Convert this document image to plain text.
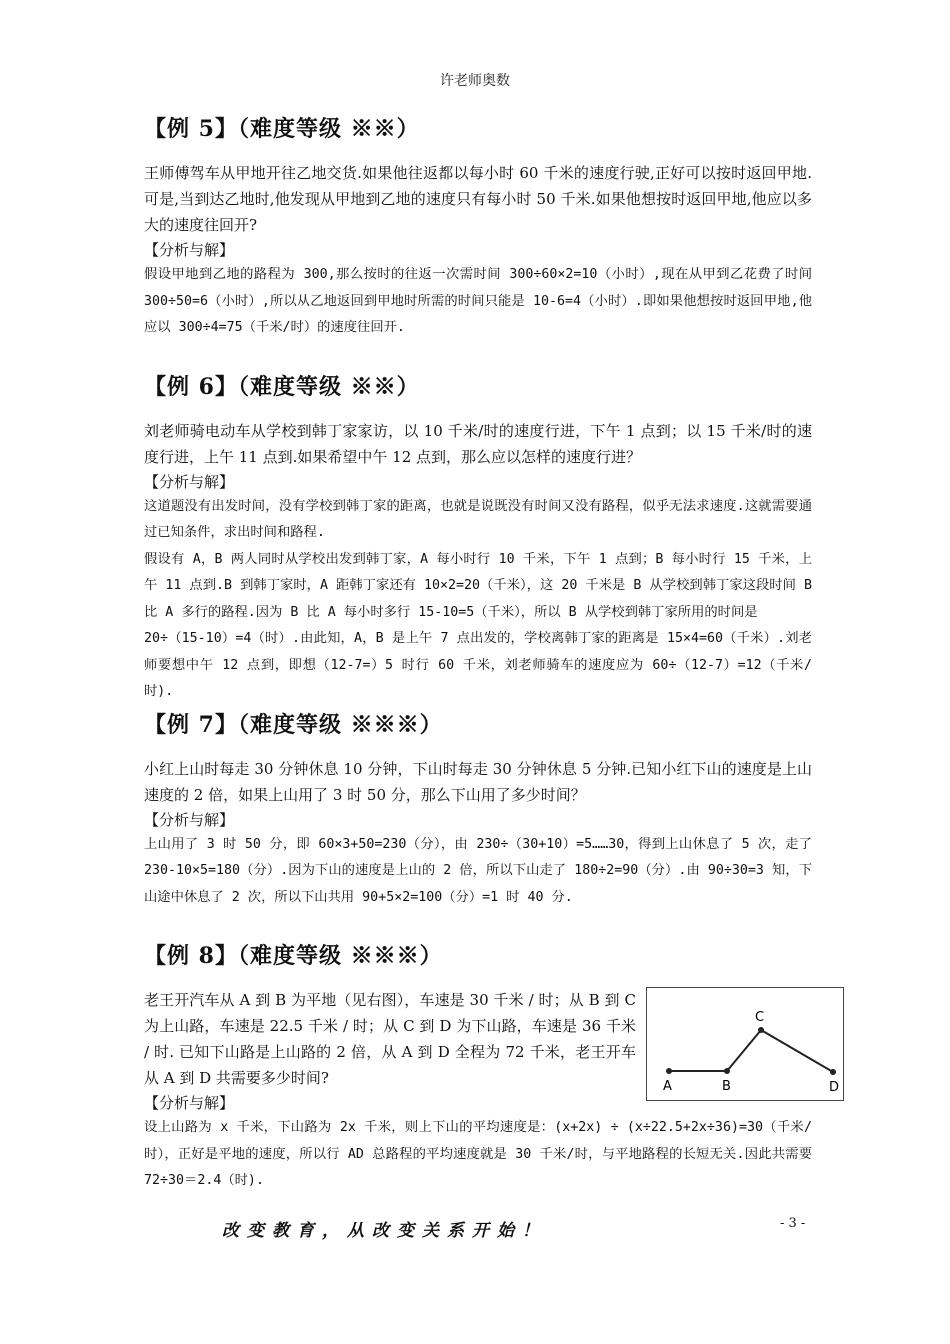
许老师奥数

【例 5】（难度等级 ※※）

王师傅驾车从甲地开往乙地交货.如果他往返都以每小时 60 千米的速度行驶,正好可以按时返回甲地.可是,当到达乙地时,他发现从甲地到乙地的速度只有每小时 50 千米.如果他想按时返回甲地,他应以多大的速度往回开?

【分析与解】

假设甲地到乙地的路程为 300,那么按时的往返一次需时间 300÷60×2=10（小时）,现在从甲到乙花费了时间 300÷50=6（小时）,所以从乙地返回到甲地时所需的时间只能是 10-6=4（小时）.即如果他想按时返回甲地,他应以 300÷4=75（千米/时）的速度往回开.

【例 6】（难度等级 ※※）

刘老师骑电动车从学校到韩丁家家访，以 10 千米/时的速度行进，下午 1 点到；以 15 千米/时的速度行进，上午 11 点到.如果希望中午 12 点到，那么应以怎样的速度行进？

【分析与解】

这道题没有出发时间，没有学校到韩丁家的距离，也就是说既没有时间又没有路程，似乎无法求速度.这就需要通过已知条件，求出时间和路程.

假设有 A，B 两人同时从学校出发到韩丁家，A 每小时行 10 千米，下午 1 点到；B 每小时行 15 千米，上午 11 点到.B 到韩丁家时，A 距韩丁家还有 10×2=20（千米），这 20 千米是 B 从学校到韩丁家这段时间 B 比 A 多行的路程.因为 B 比 A 每小时多行 15-10=5（千米），所以 B 从学校到韩丁家所用的时间是

20÷（15-10）=4（时）.由此知，A，B 是上午 7 点出发的，学校离韩丁家的距离是 15×4=60（千米）.刘老师要想中午 12 点到，即想（12-7=）5 时行 60 千米，刘老师骑车的速度应为 60÷（12-7）=12（千米/时).

【例 7】（难度等级 ※※※）

小红上山时每走 30 分钟休息 10 分钟，下山时每走 30 分钟休息 5 分钟.已知小红下山的速度是上山速度的 2 倍，如果上山用了 3 时 50 分，那么下山用了多少时间？

【分析与解】

上山用了 3 时 50 分，即 60×3+50=230（分），由 230÷（30+10）=5……30，得到上山休息了 5 次，走了 230-10×5=180（分）.因为下山的速度是上山的 2 倍，所以下山走了 180÷2=90（分）.由 90÷30=3 知，下山途中休息了 2 次，所以下山共用 90+5×2=100（分）=1 时 40 分.

【例 8】（难度等级 ※※※）

老王开汽车从 A 到 B 为平地（见右图），车速是 30 千米 / 时；从 B 到 C 为上山路，车速是 22.5 千米 / 时；从 C 到 D 为下山路，车速是 36 千米 / 时. 已知下山路是上山路的 2 倍，从 A 到 D 全程为 72 千米，老王开车从 A 到 D 共需要多少时间?	A	B
C
D

【分析与解】

设上山路为 x 千米，下山路为 2x 千米，则上下山的平均速度是：(x+2x) ÷ (x÷22.5+2x÷36)=30（千米/时），正好是平地的速度，所以行 AD 总路程的平均速度就是 30 千米/时，与平地路程的长短无关.因此共需要 72÷30＝2.4（时).

改变教育，从改变关系开始！	- 3 -
